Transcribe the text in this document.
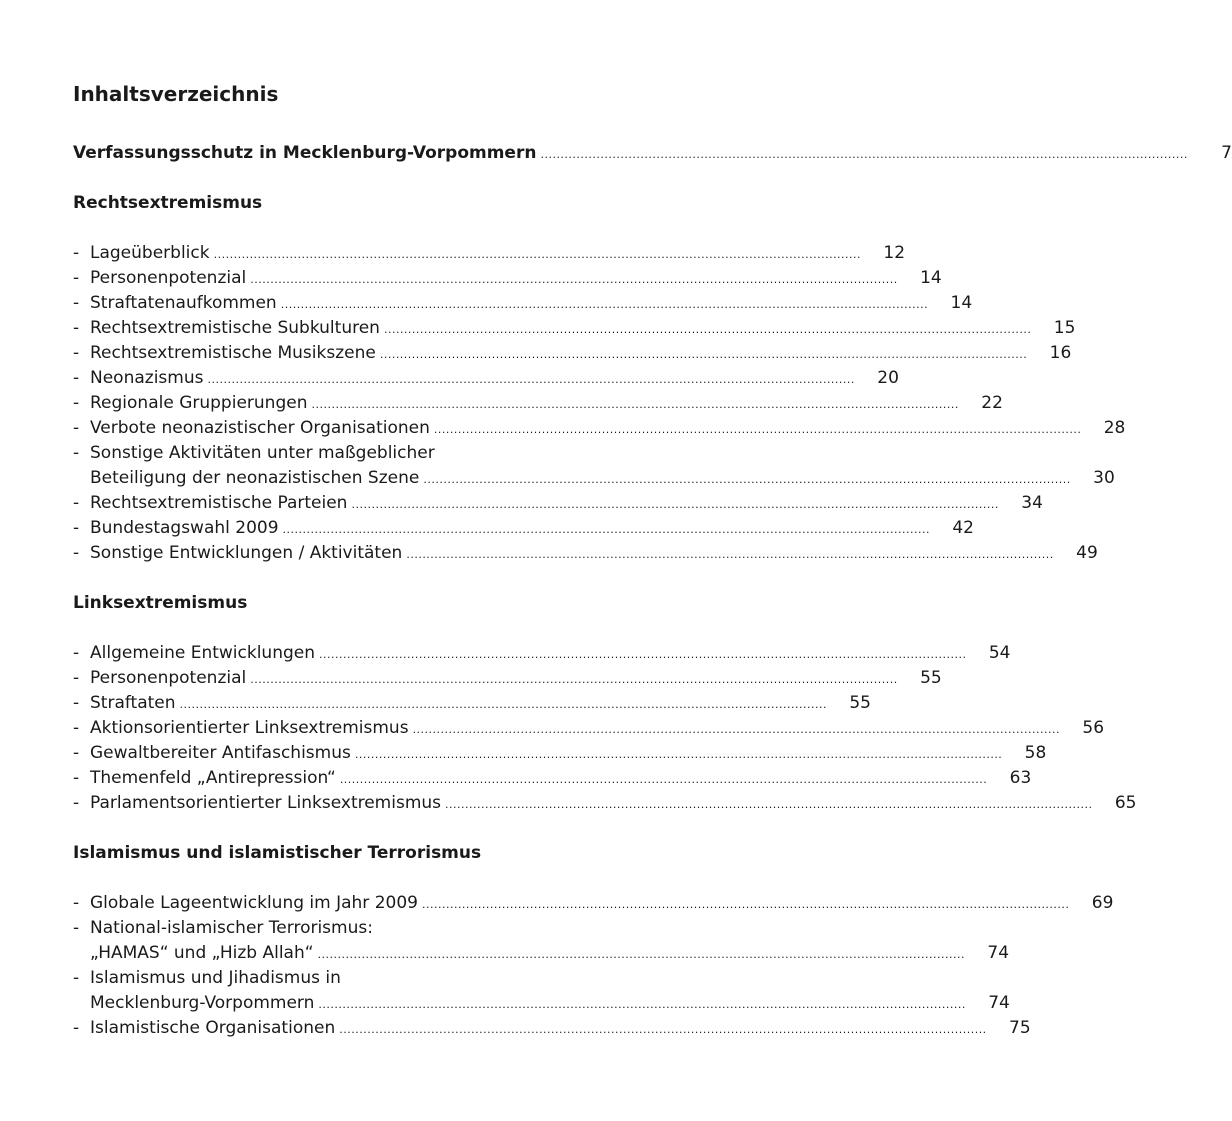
Inhaltsverzeichnis
Verfassungsschutz in Mecklenburg-Vorpommern ..................................................................................................................................................................	7
Rechtsextremismus
- Lageüberblick ..................................................................................................................................................................	12
- Personenpotenzial ..................................................................................................................................................................	14
- Straftatenaufkommen ..................................................................................................................................................................	14
- Rechtsextremistische Subkulturen ..................................................................................................................................................................	15
- Rechtsextremistische Musikszene ..................................................................................................................................................................	16
- Neonazismus ..................................................................................................................................................................	20
- Regionale Gruppierungen ..................................................................................................................................................................	22
- Verbote neonazistischer Organisationen ..................................................................................................................................................................	28
- Sonstige Aktivitäten unter maßgeblicher
Beteiligung der neonazistischen Szene ..................................................................................................................................................................	30
- Rechtsextremistische Parteien ..................................................................................................................................................................	34
- Bundestagswahl 2009 ..................................................................................................................................................................	42
- Sonstige Entwicklungen / Aktivitäten ..................................................................................................................................................................	49
Linksextremismus
- Allgemeine Entwicklungen ..................................................................................................................................................................	54
- Personenpotenzial ..................................................................................................................................................................	55
- Straftaten ..................................................................................................................................................................	55
- Aktionsorientierter Linksextremismus ..................................................................................................................................................................	56
- Gewaltbereiter Antifaschismus ..................................................................................................................................................................	58
- Themenfeld „Antirepression“ ..................................................................................................................................................................	63
- Parlamentsorientierter Linksextremismus ..................................................................................................................................................................	65
Islamismus und islamistischer Terrorismus
- Globale Lageentwicklung im Jahr 2009 ..................................................................................................................................................................	69
- National-islamischer Terrorismus:
„HAMAS“ und „Hizb Allah“ ..................................................................................................................................................................	74
- Islamismus und Jihadismus in
Mecklenburg-Vorpommern ..................................................................................................................................................................	74
- Islamistische Organisationen ..................................................................................................................................................................	75
